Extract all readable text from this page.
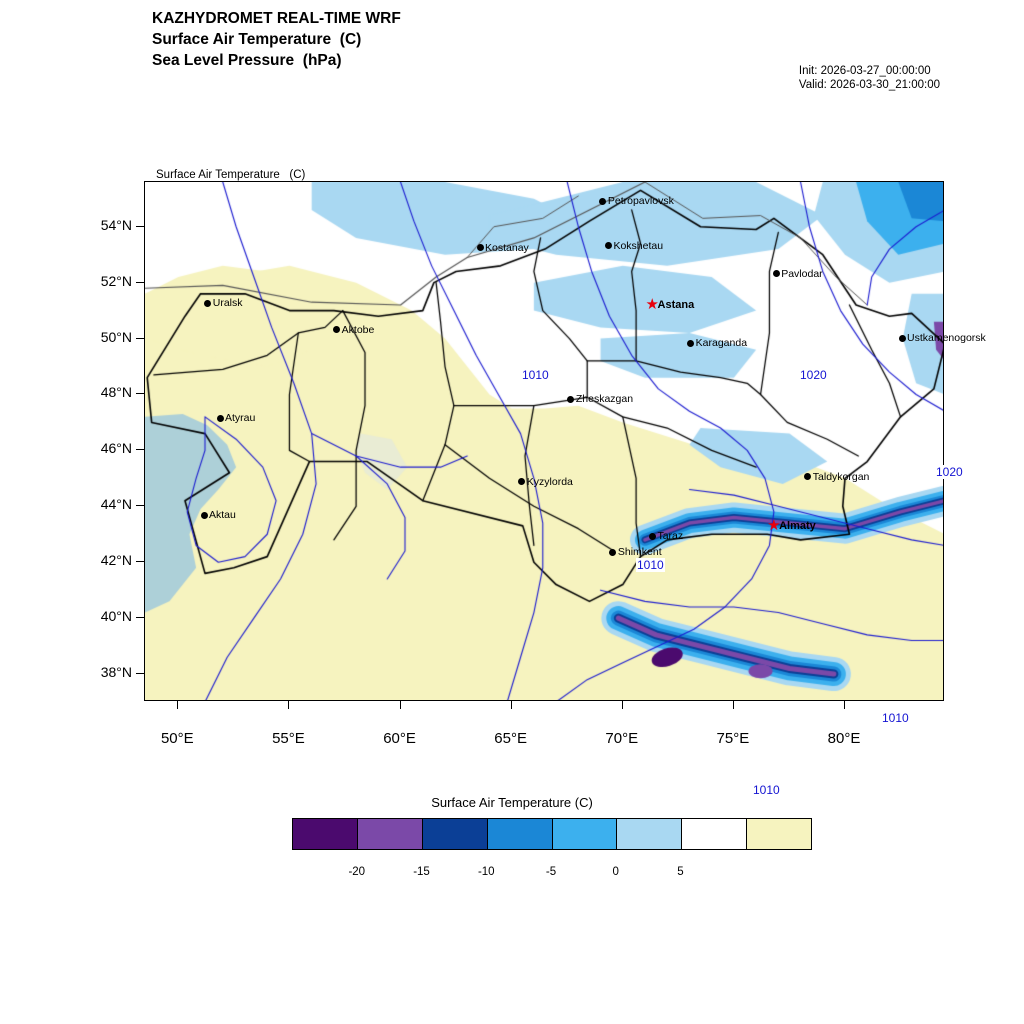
KAZHYDROMET REAL-TIME WRF
Surface Air Temperature  (C)
Sea Level Pressure  (hPa)
Init: 2026-03-27_00:00:00
Valid: 2026-03-30_21:00:00

Surface Air Temperature   (C)

54°N
52°N
50°N
48°N
46°N
44°N
42°N
40°N
38°N
50°E	55°E	60°E	65°E	70°E	75°E	80°E
Petropavlovsk
Kostanay	Kokshetau
Pavlodar
Uralsk
Ustkamenogorsk
Aktobe
Karaganda
Atyrau
Zheskazgan
Aktau
Kyzylorda	Taldykorgan
Taraz
Shimkent
★
Astana
★
Almaty
1010	1020
1020
1010
1010
1010
Surface Air Temperature (C)
-20	-15	-10	-5	0	5
